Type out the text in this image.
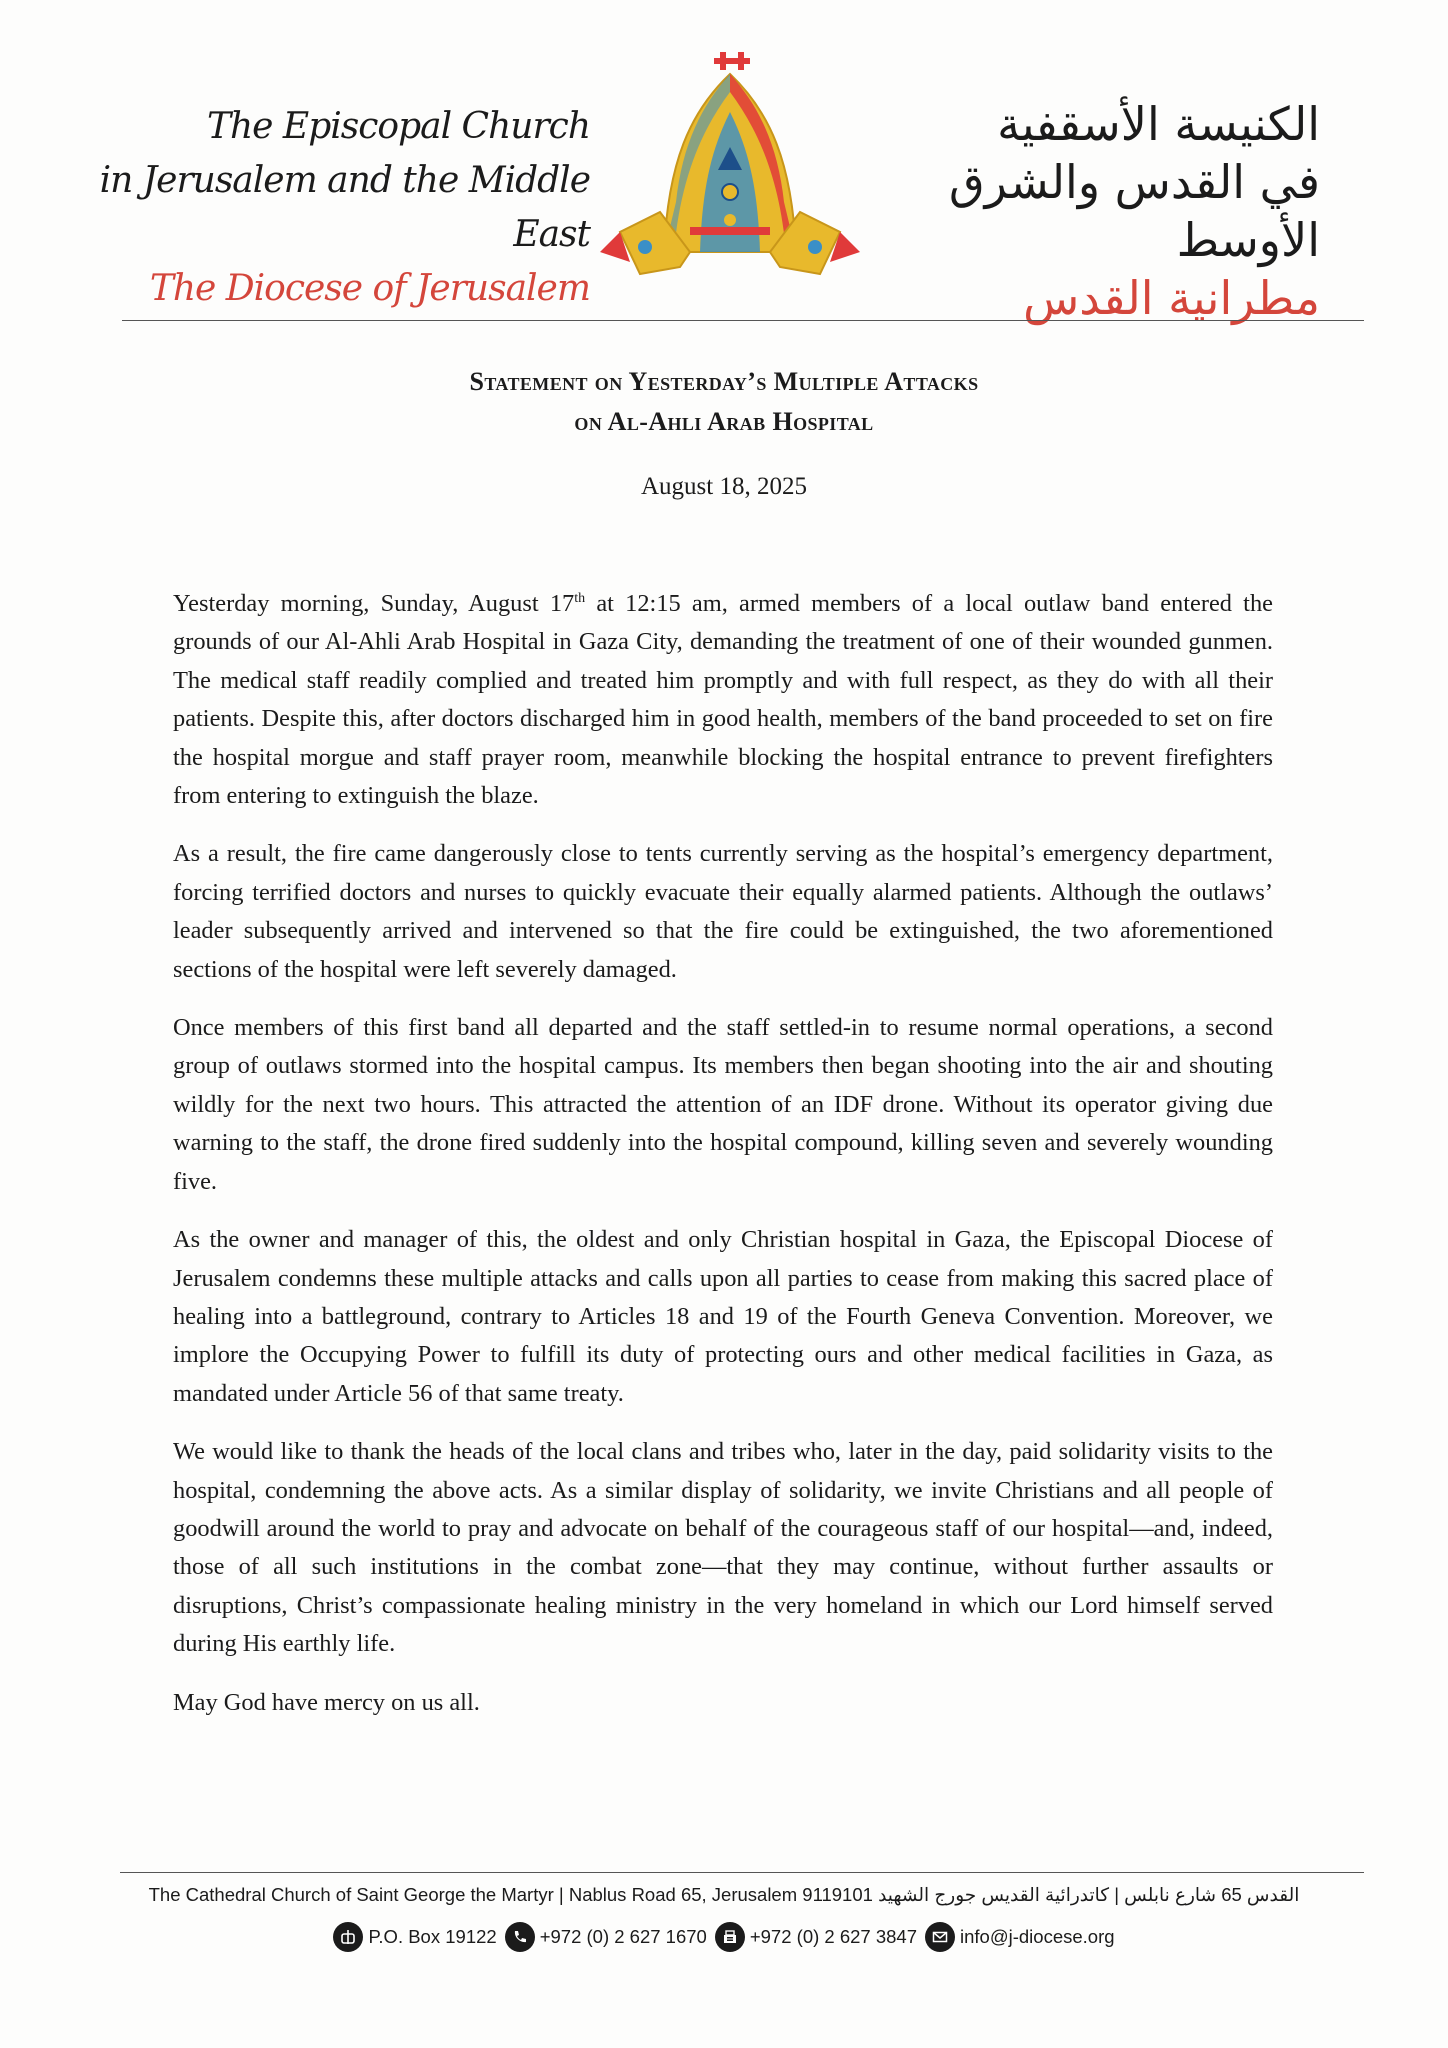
The Episcopal Church
in Jerusalem and the Middle East
The Diocese of Jerusalem
الكنيسة الأسقفية
في القدس والشرق الأوسط
مطرانية القدس
Statement on Yesterday’s Multiple Attacks
on Al-Ahli Arab Hospital
August 18, 2025

Yesterday morning, Sunday, August 17th at 12:15 am, armed members of a local outlaw band entered the grounds of our Al-Ahli Arab Hospital in Gaza City, demanding the treatment of one of their wounded gunmen. The medical staff readily complied and treated him promptly and with full respect, as they do with all their patients. Despite this, after doctors discharged him in good health, members of the band proceeded to set on fire the hospital morgue and staff prayer room, meanwhile blocking the hospital entrance to prevent firefighters from entering to extinguish the blaze.

As a result, the fire came dangerously close to tents currently serving as the hospital’s emergency department, forcing terrified doctors and nurses to quickly evacuate their equally alarmed patients. Although the outlaws’ leader subsequently arrived and intervened so that the fire could be extinguished, the two aforementioned sections of the hospital were left severely damaged.

Once members of this first band all departed and the staff settled-in to resume normal operations, a second group of outlaws stormed into the hospital campus. Its members then began shooting into the air and shouting wildly for the next two hours. This attracted the attention of an IDF drone. Without its operator giving due warning to the staff, the drone fired suddenly into the hospital compound, killing seven and severely wounding five.

As the owner and manager of this, the oldest and only Christian hospital in Gaza, the Episcopal Diocese of Jerusalem condemns these multiple attacks and calls upon all parties to cease from making this sacred place of healing into a battleground, contrary to Articles 18 and 19 of the Fourth Geneva Convention. Moreover, we implore the Occupying Power to fulfill its duty of protecting ours and other medical facilities in Gaza, as mandated under Article 56 of that same treaty.

We would like to thank the heads of the local clans and tribes who, later in the day, paid solidarity visits to the hospital, condemning the above acts. As a similar display of solidarity, we invite Christians and all people of goodwill around the world to pray and advocate on behalf of the courageous staff of our hospital—and, indeed, those of all such institutions in the combat zone—that they may continue, without further assaults or disruptions, Christ’s compassionate healing ministry in the very homeland in which our Lord himself served during His earthly life.

May God have mercy on us all.

The Cathedral Church of Saint George the Martyr | Nablus Road 65, Jerusalem 9119101 القدس 65 شارع نابلس | كاتدرائية القديس جورج الشهيد
P.O. Box 19122 +972 (0) 2 627 1670 +972 (0) 2 627 3847 info@j-diocese.org
